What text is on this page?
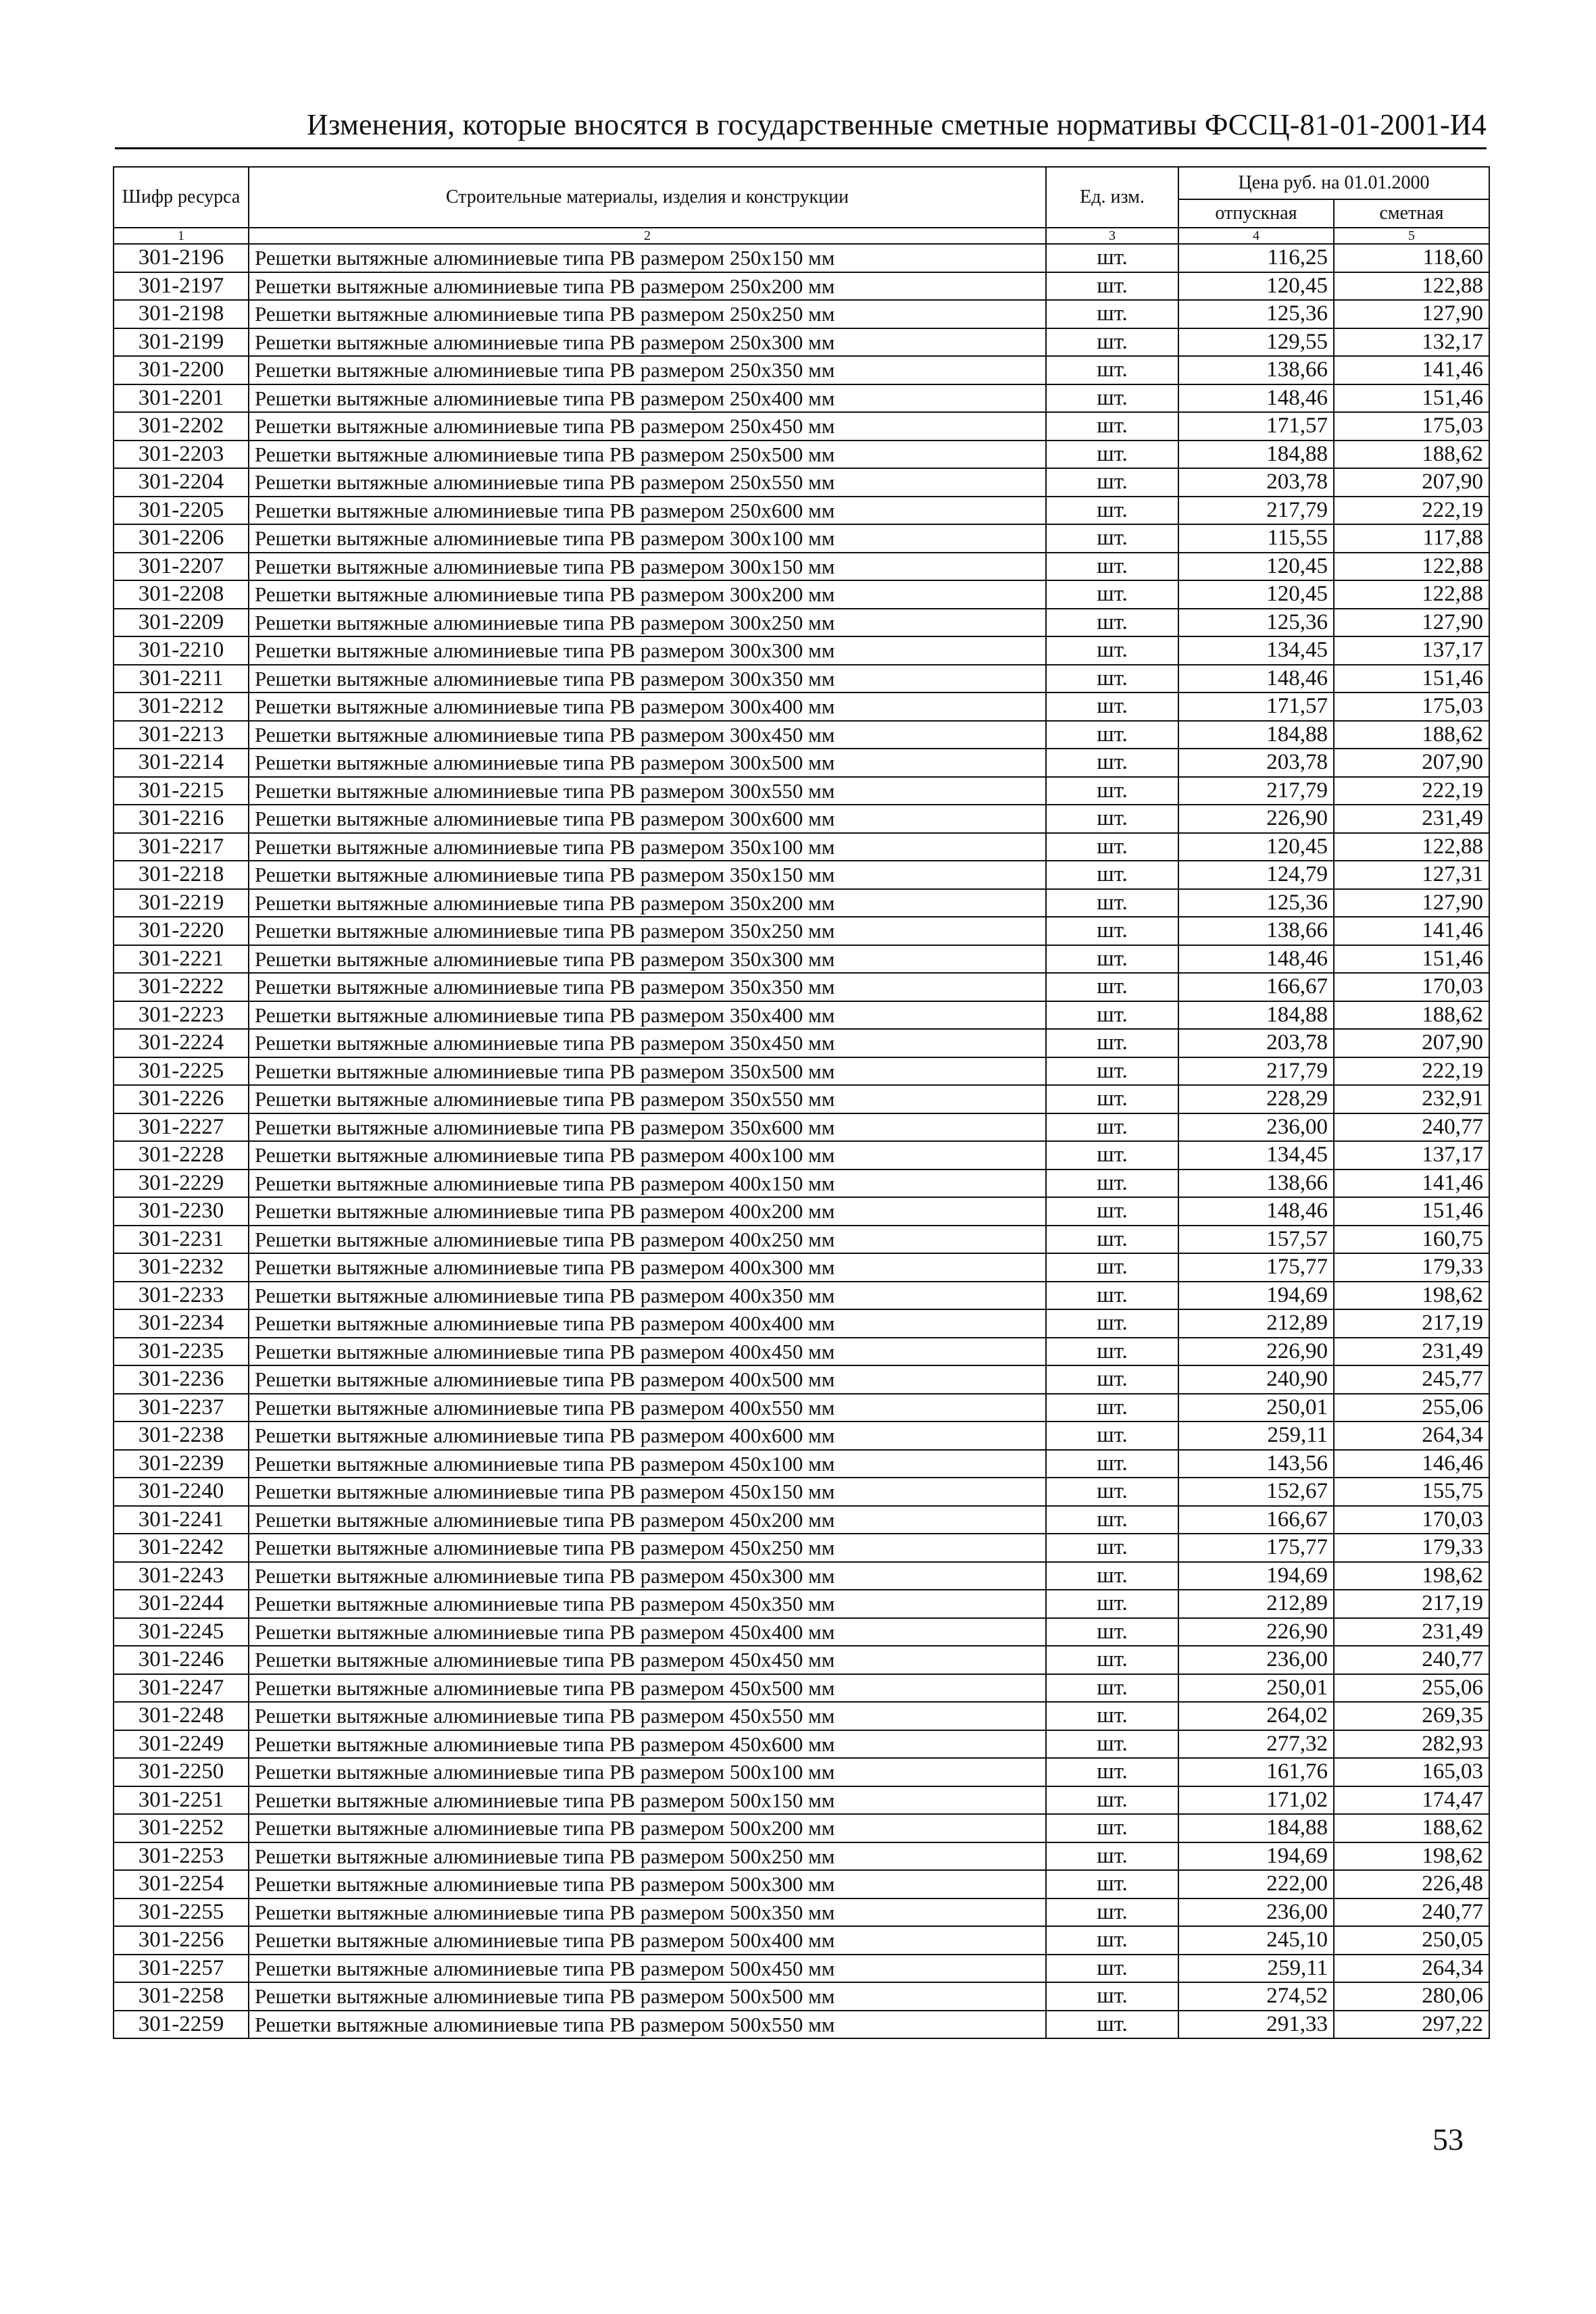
Изменения, которые вносятся в государственные сметные нормативы ФССЦ-81-01-2001-И4
Шифр ресурса	Строительные материалы, изделия и конструкции	Ед. изм.	Цена руб. на 01.01.2000	
			отпускная	сметная
1	2	3	4	5
301-2196	Решетки вытяжные алюминиевые типа РВ размером 250х150 мм	шт.	116,25	118,60
301-2197	Решетки вытяжные алюминиевые типа РВ размером 250х200 мм	шт.	120,45	122,88
301-2198	Решетки вытяжные алюминиевые типа РВ размером 250х250 мм	шт.	125,36	127,90
301-2199	Решетки вытяжные алюминиевые типа РВ размером 250х300 мм	шт.	129,55	132,17
301-2200	Решетки вытяжные алюминиевые типа РВ размером 250х350 мм	шт.	138,66	141,46
301-2201	Решетки вытяжные алюминиевые типа РВ размером 250х400 мм	шт.	148,46	151,46
301-2202	Решетки вытяжные алюминиевые типа РВ размером 250х450 мм	шт.	171,57	175,03
301-2203	Решетки вытяжные алюминиевые типа РВ размером 250х500 мм	шт.	184,88	188,62
301-2204	Решетки вытяжные алюминиевые типа РВ размером 250х550 мм	шт.	203,78	207,90
301-2205	Решетки вытяжные алюминиевые типа РВ размером 250х600 мм	шт.	217,79	222,19
301-2206	Решетки вытяжные алюминиевые типа РВ размером 300х100 мм	шт.	115,55	117,88
301-2207	Решетки вытяжные алюминиевые типа РВ размером 300х150 мм	шт.	120,45	122,88
301-2208	Решетки вытяжные алюминиевые типа РВ размером 300х200 мм	шт.	120,45	122,88
301-2209	Решетки вытяжные алюминиевые типа РВ размером 300х250 мм	шт.	125,36	127,90
301-2210	Решетки вытяжные алюминиевые типа РВ размером 300х300 мм	шт.	134,45	137,17
301-2211	Решетки вытяжные алюминиевые типа РВ размером 300х350 мм	шт.	148,46	151,46
301-2212	Решетки вытяжные алюминиевые типа РВ размером 300х400 мм	шт.	171,57	175,03
301-2213	Решетки вытяжные алюминиевые типа РВ размером 300х450 мм	шт.	184,88	188,62
301-2214	Решетки вытяжные алюминиевые типа РВ размером 300х500 мм	шт.	203,78	207,90
301-2215	Решетки вытяжные алюминиевые типа РВ размером 300х550 мм	шт.	217,79	222,19
301-2216	Решетки вытяжные алюминиевые типа РВ размером 300х600 мм	шт.	226,90	231,49
301-2217	Решетки вытяжные алюминиевые типа РВ размером 350х100 мм	шт.	120,45	122,88
301-2218	Решетки вытяжные алюминиевые типа РВ размером 350х150 мм	шт.	124,79	127,31
301-2219	Решетки вытяжные алюминиевые типа РВ размером 350х200 мм	шт.	125,36	127,90
301-2220	Решетки вытяжные алюминиевые типа РВ размером 350х250 мм	шт.	138,66	141,46
301-2221	Решетки вытяжные алюминиевые типа РВ размером 350х300 мм	шт.	148,46	151,46
301-2222	Решетки вытяжные алюминиевые типа РВ размером 350х350 мм	шт.	166,67	170,03
301-2223	Решетки вытяжные алюминиевые типа РВ размером 350х400 мм	шт.	184,88	188,62
301-2224	Решетки вытяжные алюминиевые типа РВ размером 350х450 мм	шт.	203,78	207,90
301-2225	Решетки вытяжные алюминиевые типа РВ размером 350х500 мм	шт.	217,79	222,19
301-2226	Решетки вытяжные алюминиевые типа РВ размером 350х550 мм	шт.	228,29	232,91
301-2227	Решетки вытяжные алюминиевые типа РВ размером 350х600 мм	шт.	236,00	240,77
301-2228	Решетки вытяжные алюминиевые типа РВ размером 400х100 мм	шт.	134,45	137,17
301-2229	Решетки вытяжные алюминиевые типа РВ размером 400х150 мм	шт.	138,66	141,46
301-2230	Решетки вытяжные алюминиевые типа РВ размером 400х200 мм	шт.	148,46	151,46
301-2231	Решетки вытяжные алюминиевые типа РВ размером 400х250 мм	шт.	157,57	160,75
301-2232	Решетки вытяжные алюминиевые типа РВ размером 400х300 мм	шт.	175,77	179,33
301-2233	Решетки вытяжные алюминиевые типа РВ размером 400х350 мм	шт.	194,69	198,62
301-2234	Решетки вытяжные алюминиевые типа РВ размером 400х400 мм	шт.	212,89	217,19
301-2235	Решетки вытяжные алюминиевые типа РВ размером 400х450 мм	шт.	226,90	231,49
301-2236	Решетки вытяжные алюминиевые типа РВ размером 400х500 мм	шт.	240,90	245,77
301-2237	Решетки вытяжные алюминиевые типа РВ размером 400х550 мм	шт.	250,01	255,06
301-2238	Решетки вытяжные алюминиевые типа РВ размером 400х600 мм	шт.	259,11	264,34
301-2239	Решетки вытяжные алюминиевые типа РВ размером 450х100 мм	шт.	143,56	146,46
301-2240	Решетки вытяжные алюминиевые типа РВ размером 450х150 мм	шт.	152,67	155,75
301-2241	Решетки вытяжные алюминиевые типа РВ размером 450х200 мм	шт.	166,67	170,03
301-2242	Решетки вытяжные алюминиевые типа РВ размером 450х250 мм	шт.	175,77	179,33
301-2243	Решетки вытяжные алюминиевые типа РВ размером 450х300 мм	шт.	194,69	198,62
301-2244	Решетки вытяжные алюминиевые типа РВ размером 450х350 мм	шт.	212,89	217,19
301-2245	Решетки вытяжные алюминиевые типа РВ размером 450х400 мм	шт.	226,90	231,49
301-2246	Решетки вытяжные алюминиевые типа РВ размером 450х450 мм	шт.	236,00	240,77
301-2247	Решетки вытяжные алюминиевые типа РВ размером 450х500 мм	шт.	250,01	255,06
301-2248	Решетки вытяжные алюминиевые типа РВ размером 450х550 мм	шт.	264,02	269,35
301-2249	Решетки вытяжные алюминиевые типа РВ размером 450х600 мм	шт.	277,32	282,93
301-2250	Решетки вытяжные алюминиевые типа РВ размером 500х100 мм	шт.	161,76	165,03
301-2251	Решетки вытяжные алюминиевые типа РВ размером 500х150 мм	шт.	171,02	174,47
301-2252	Решетки вытяжные алюминиевые типа РВ размером 500х200 мм	шт.	184,88	188,62
301-2253	Решетки вытяжные алюминиевые типа РВ размером 500х250 мм	шт.	194,69	198,62
301-2254	Решетки вытяжные алюминиевые типа РВ размером 500х300 мм	шт.	222,00	226,48
301-2255	Решетки вытяжные алюминиевые типа РВ размером 500х350 мм	шт.	236,00	240,77
301-2256	Решетки вытяжные алюминиевые типа РВ размером 500х400 мм	шт.	245,10	250,05
301-2257	Решетки вытяжные алюминиевые типа РВ размером 500х450 мм	шт.	259,11	264,34
301-2258	Решетки вытяжные алюминиевые типа РВ размером 500х500 мм	шт.	274,52	280,06
301-2259	Решетки вытяжные алюминиевые типа РВ размером 500х550 мм	шт.	291,33	297,22
53
